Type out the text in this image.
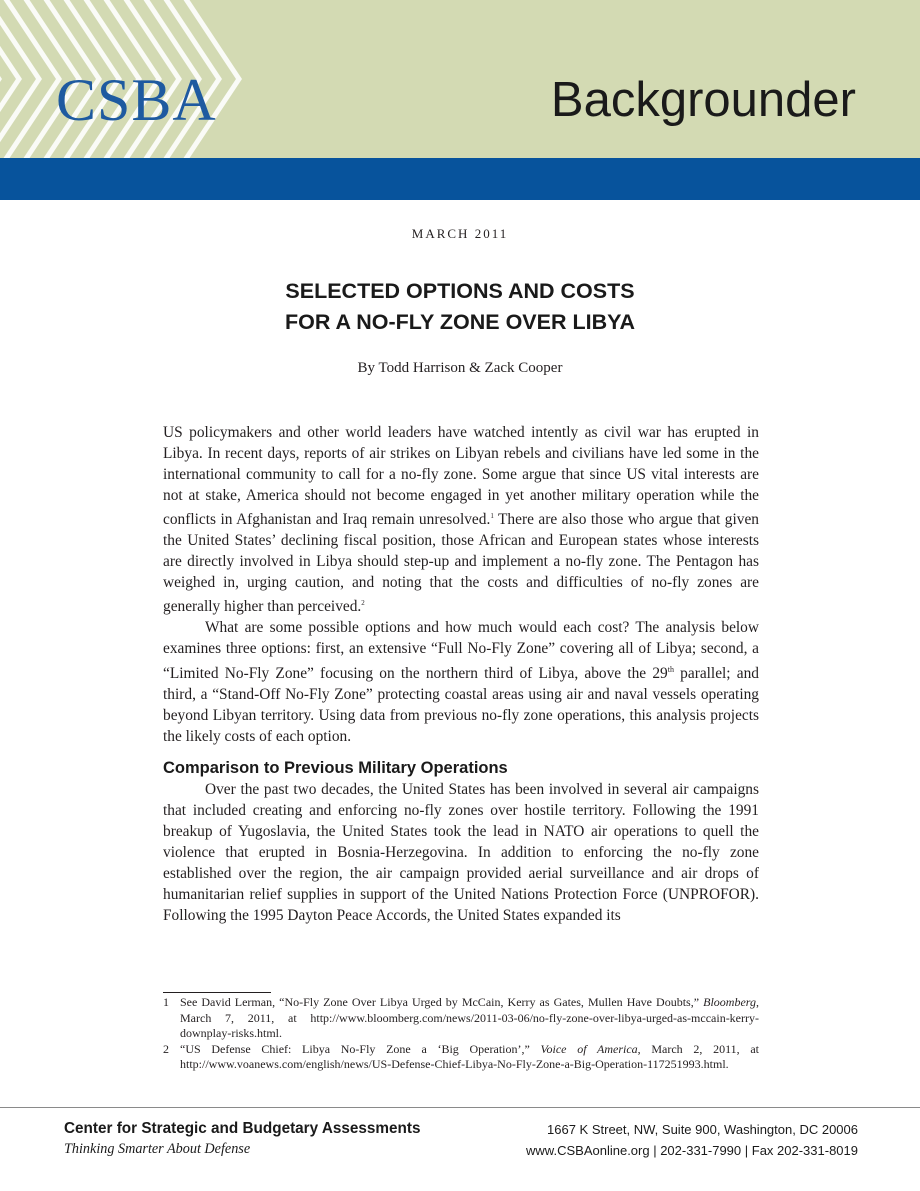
CSBA	Backgrounder
MARCH 2011
SELECTED OPTIONS AND COSTS
FOR A NO-FLY ZONE OVER LIBYA
By Todd Harrison & Zack Cooper

US policymakers and other world leaders have watched intently as civil war has erupted in Libya. In recent days, reports of air strikes on Libyan rebels and civilians have led some in the international community to call for a no-fly zone. Some argue that since US vital interests are not at stake, America should not become engaged in yet another military operation while the conflicts in Afghanistan and Iraq remain unresolved.$^1$ There are also those who argue that given the United States’ declining fiscal position, those African and European states whose interests are directly involved in Libya should step-up and implement a no-fly zone. The Pentagon has weighed in, urging caution, and noting that the costs and difficulties of no-fly zones are generally higher than perceived.$^2$

What are some possible options and how much would each cost? The analysis below examines three options: first, an extensive “Full No-Fly Zone” covering all of Libya; second, a “Limited No-Fly Zone” focusing on the northern third of Libya, above the 29th parallel; and third, a “Stand-Off No-Fly Zone” protecting coastal areas using air and naval vessels operating beyond Libyan territory. Using data from previous no-fly zone operations, this analysis projects the likely costs of each option.

Comparison to Previous Military Operations

Over the past two decades, the United States has been involved in several air campaigns that included creating and enforcing no-fly zones over hostile territory. Following the 1991 breakup of Yugoslavia, the United States took the lead in NATO air operations to quell the violence that erupted in Bosnia-Herzegovina. In addition to enforcing the no-fly zone established over the region, the air campaign provided aerial surveillance and air drops of humanitarian relief supplies in support of the United Nations Protection Force (UNPROFOR). Following the 1995 Dayton Peace Accords, the United States expanded its

1 See David Lerman, “No-Fly Zone Over Libya Urged by McCain, Kerry as Gates, Mullen Have Doubts,” Bloomberg, March 7, 2011, at http://www.bloomberg.com/news/2011-03-06/no-fly-zone-over-libya-urged-as-mccain-kerry-downplay-risks.html.
2 “US Defense Chief: Libya No-Fly Zone a ‘Big Operation’,” Voice of America, March 2, 2011, at http://www.voanews.com/english/news/US-Defense-Chief-Libya-No-Fly-Zone-a-Big-Operation-117251993.html.
Center for Strategic and Budgetary Assessments
Thinking Smarter About Defense
1667 K Street, NW, Suite 900, Washington, DC 20006
www.CSBAonline.org | 202-331-7990 | Fax 202-331-8019
